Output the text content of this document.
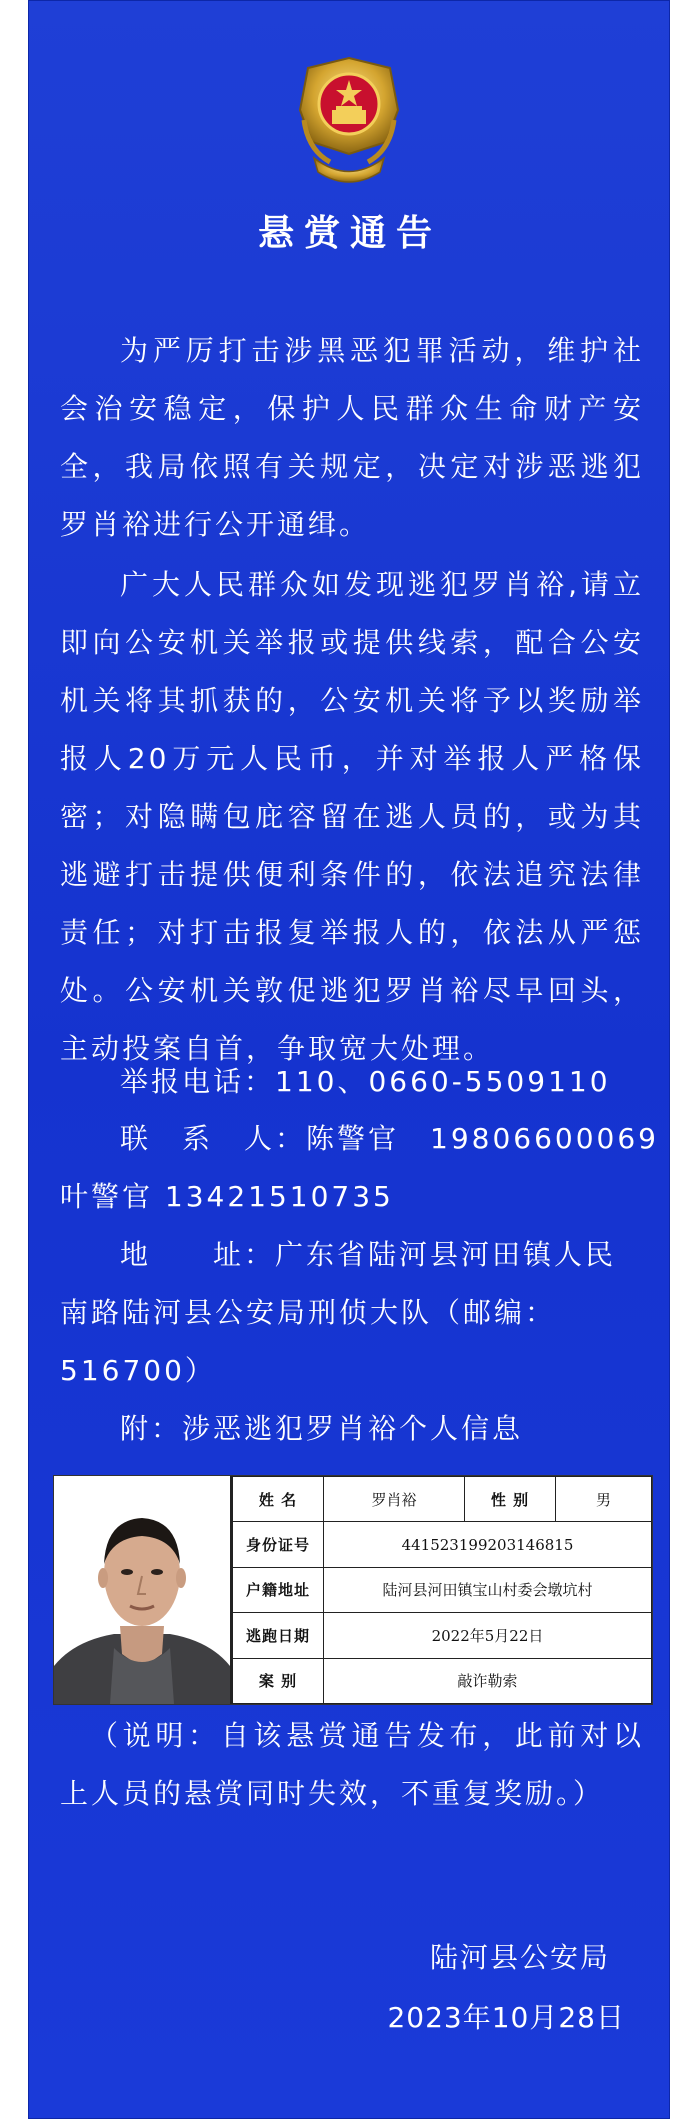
悬赏通告
为严厉打击涉黑恶犯罪活动，维护社会治安稳定，保护人民群众生命财产安全，我局依照有关规定，决定对涉恶逃犯罗肖裕进行公开通缉。
广大人民群众如发现逃犯罗肖裕,请立即向公安机关举报或提供线索，配合公安机关将其抓获的，公安机关将予以奖励举报人20万元人民币，并对举报人严格保密；对隐瞒包庇容留在逃人员的，或为其逃避打击提供便利条件的，依法追究法律责任；对打击报复举报人的，依法从严惩处。公安机关敦促逃犯罗肖裕尽早回头，主动投案自首，争取宽大处理。
举报电话：110、0660-5509110
联　系　人：陈警官　19806600069
叶警官 13421510735
地　　址：广东省陆河县河田镇人民
南路陆河县公安局刑侦大队（邮编：
516700）
附：涉恶逃犯罗肖裕个人信息
姓 名	罗肖裕	性 别	男
身份证号	441523199203146815		
户籍地址	陆河县河田镇宝山村委会墩坑村		
逃跑日期	2022年5月22日		
案 别	敲诈勒索		
（说明：自该悬赏通告发布，此前对以上人员的悬赏同时失效，不重复奖励。）
陆河县公安局
2023年10月28日
